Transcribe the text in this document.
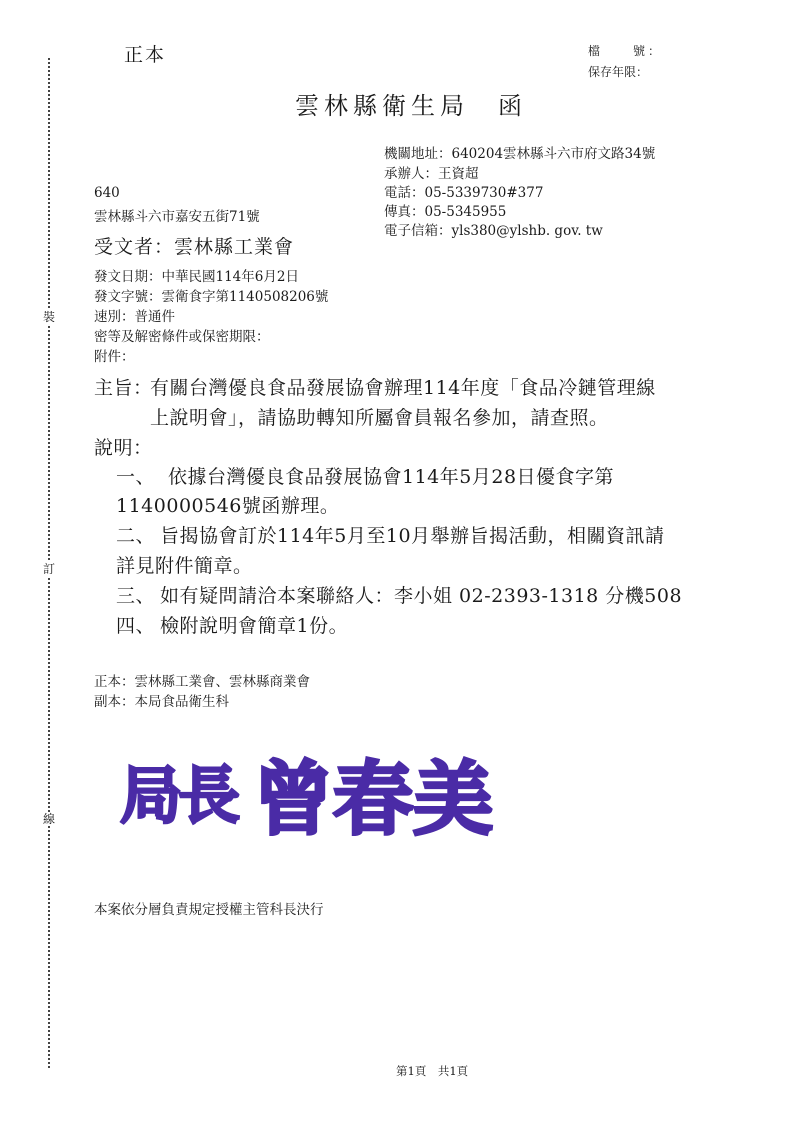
裝
訂
線
正本	檔　　號：
保存年限：
雲林縣衛生局　函
機關地址：640204雲林縣斗六市府文路34號
承辦人：王資超
電話：05-5339730#377
傳真：05-5345955
電子信箱：yls380@ylshb. gov. tw
640
雲林縣斗六市嘉安五街71號
受文者：雲林縣工業會
發文日期：中華民國114年6月2日
發文字號：雲衛食字第1140508206號
速別：普通件
密等及解密條件或保密期限：
附件：
主旨：
有關台灣優良食品發展協會辦理114年度「食品冷鏈管理線
上說明會」，請協助轉知所屬會員報名參加，請查照。
說明：
一、 依據台灣優良食品發展協會114年5月28日優食字第
1140000546號函辦理。
二、 旨揭協會訂於114年5月至10月舉辦旨揭活動，相關資訊請
詳見附件簡章。
三、 如有疑問請洽本案聯絡人：李小姐 02-2393-1318 分機508
四、 檢附說明會簡章1份。
正本：雲林縣工業會、雲林縣商業會
副本：本局食品衛生科
局長 曾春美
本案依分層負責規定授權主管科長決行
第1頁　共1頁
